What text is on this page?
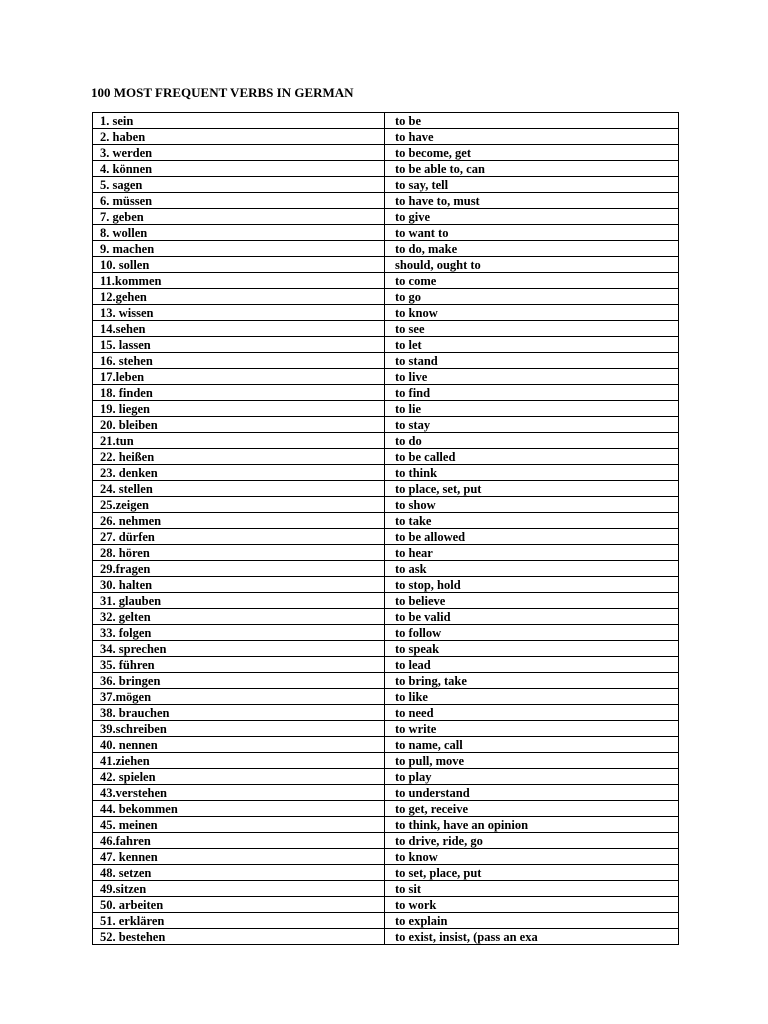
100 MOST FREQUENT VERBS IN GERMAN
1. sein	to be
2. haben	to have
3. werden	to become, get
4. können	to be able to, can
5. sagen	to say, tell
6. müssen	to have to, must
7. geben	to give
8. wollen	to want to
9. machen	to do, make
10. sollen	should, ought to
11.kommen	to come
12.gehen	to go
13. wissen	to know
14.sehen	to see
15. lassen	to let
16. stehen	to stand
17.leben	to live
18. finden	to find
19. liegen	to lie
20. bleiben	to stay
21.tun	to do
22. heißen	to be called
23. denken	to think
24. stellen	to place, set, put
25.zeigen	to show
26. nehmen	to take
27. dürfen	to be allowed
28. hören	to hear
29.fragen	to ask
30. halten	to stop, hold
31. glauben	to believe
32. gelten	to be valid
33. folgen	to follow
34. sprechen	to speak
35. führen	to lead
36. bringen	to bring, take
37.mögen	to like
38. brauchen	to need
39.schreiben	to write
40. nennen	to name, call
41.ziehen	to pull, move
42. spielen	to play
43.verstehen	to understand
44. bekommen	to get, receive
45. meinen	to think, have an opinion
46.fahren	to drive, ride, go
47. kennen	to know
48. setzen	to set, place, put
49.sitzen	to sit
50. arbeiten	to work
51. erklären	to explain
52. bestehen	to exist, insist, (pass an exa
